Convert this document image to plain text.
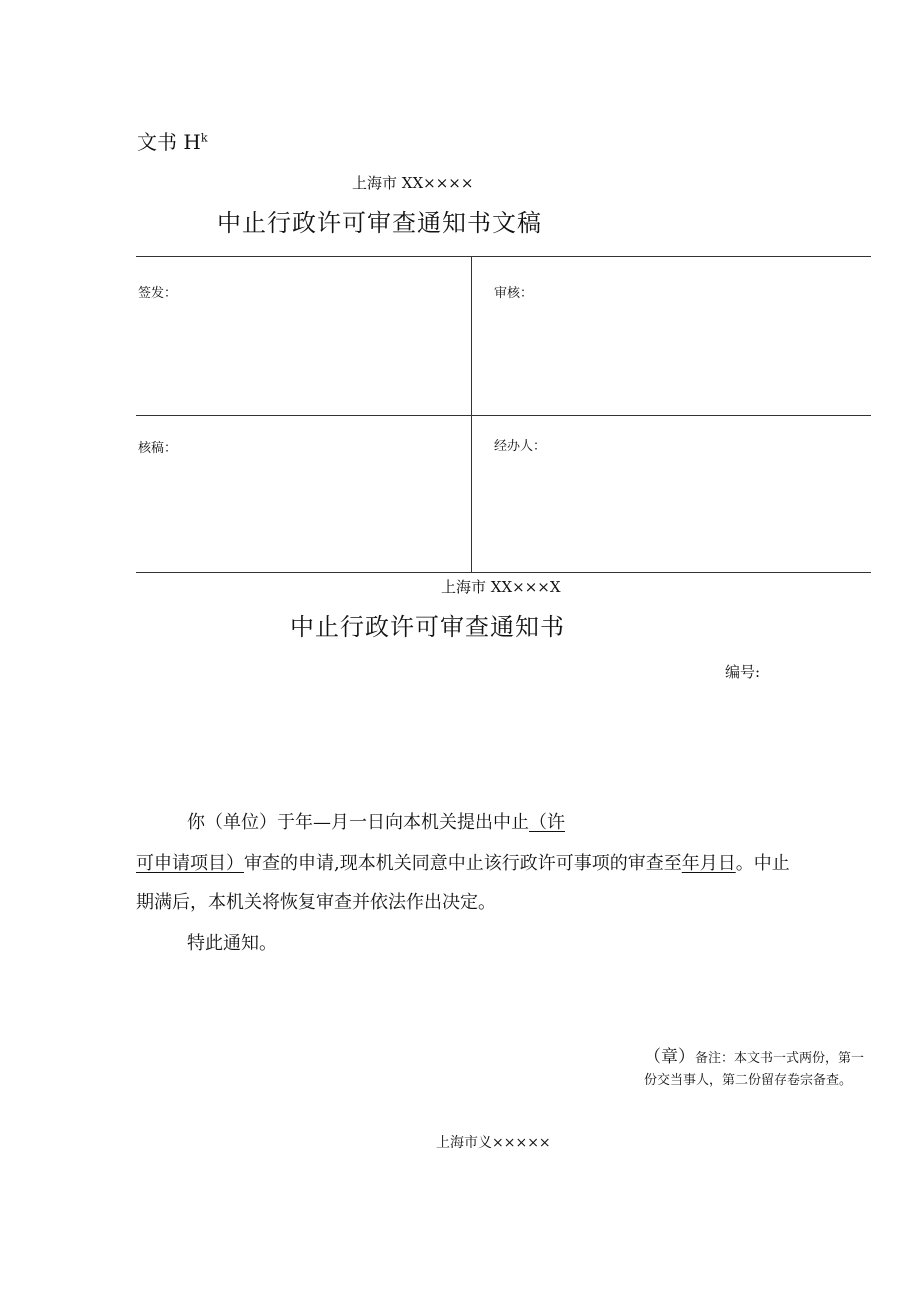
文书 $H^k$
上海市 XX××××
中止行政许可审查通知书文稿
签发：	审核：
核稿：	经办人：
上海市 XX×××X
中止行政许可审查通知书
编号:
你（单位）于年—月一日向本机关提出中止（许
可申请项目）审查的申请,现本机关同意中止该行政许可事项的审查至年月日。中止
期满后，本机关将恢复审查并依法作出决定。
特此通知。
（章）备注：本文书一式两份，第一份交当事人，第二份留存卷宗备查。
上海市义×××××
